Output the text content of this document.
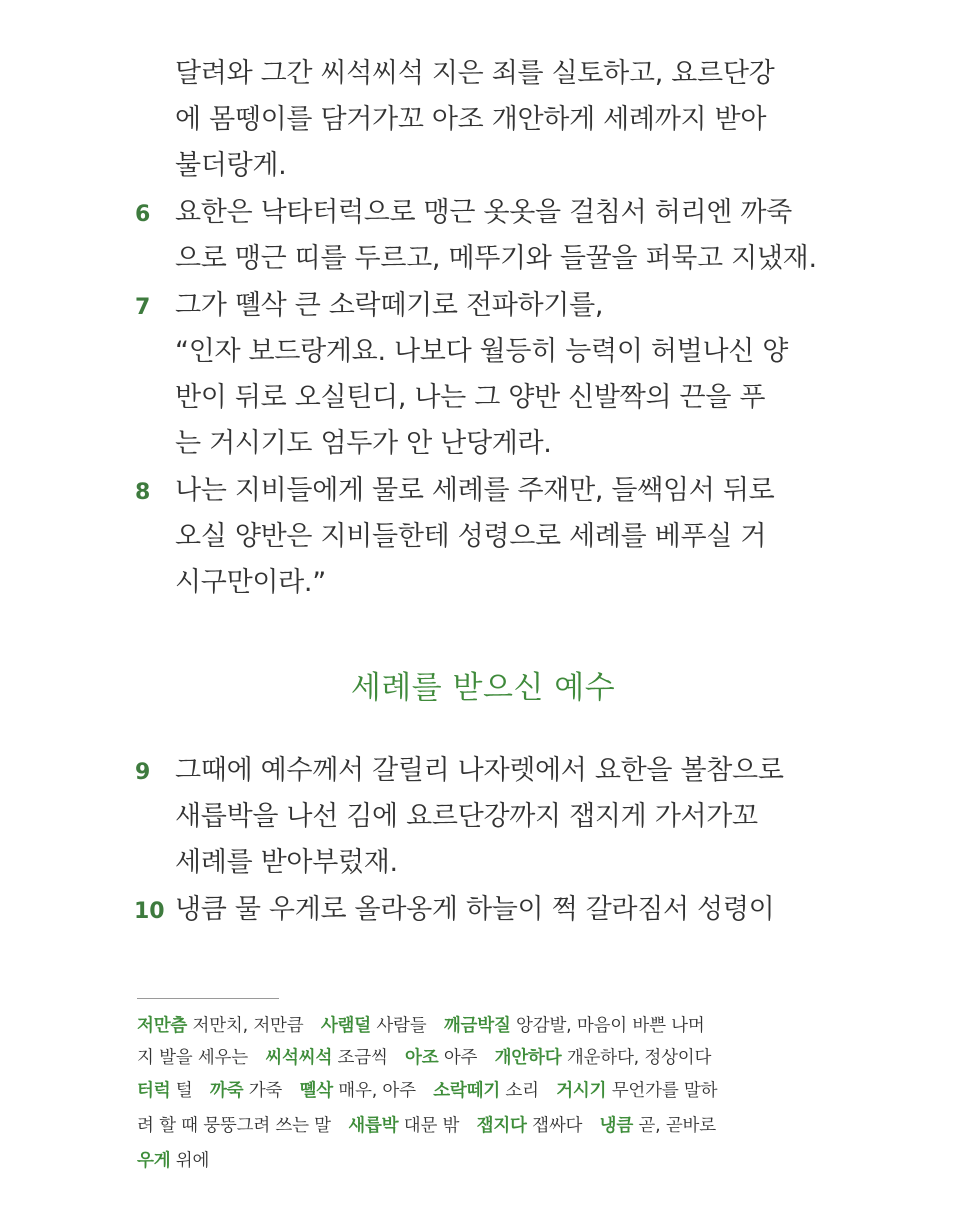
달려와 그간 씨석씨석 지은 죄를 실토하고, 요르단강
에 몸뗑이를 담거가꼬 아조 개안하게 세례까지 받아
불더랑게.
6 요한은 낙타터럭으로 맹근 옷옷을 걸침서 허리엔 까죽
으로 맹근 띠를 두르고, 메뚜기와 들꿀을 퍼묵고 지냈재.
7 그가 뗼삭 큰 소락떼기로 전파하기를,
“인자 보드랑게요. 나보다 월등히 능력이 허벌나신 양
반이 뒤로 오실틴디, 나는 그 양반 신발짝의 끈을 푸
는 거시기도 엄두가 안 난당게라.
8 나는 지비들에게 물로 세례를 주재만, 들쌕임서 뒤로
오실 양반은 지비들한테 성령으로 세례를 베푸실 거
시구만이라.”
세례를 받으신 예수
9 그때에 예수께서 갈릴리 나자렛에서 요한을 볼참으로
새릅박을 나선 김에 요르단강까지 잽지게 가서가꼬
세례를 받아부렀재.
10 냉큼 물 우게로 올라옹게 하늘이 쩍 갈라짐서 성령이
저만츰 저만치, 저만큼 사램덜 사람들 깨금박질 앙감발, 마음이 바쁜 나머
지 발을 세우는 씨석씨석 조금씩 아조 아주 개안하다 개운하다, 정상이다
터럭 털 까죽 가죽 뗼삭 매우, 아주 소락떼기 소리 거시기 무언가를 말하
려 할 때 뭉뚱그려 쓰는 말 새릅박 대문 밖 잽지다 잽싸다 냉큼 곧, 곧바로
우게 위에
